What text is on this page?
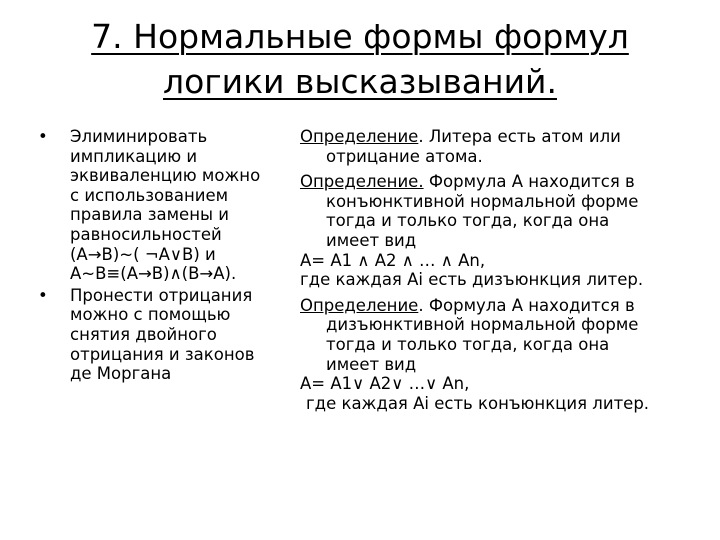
7. Нормальные формы формул
логики высказываний.
• Элиминировать
импликацию и
эквиваленцию можно
с использованием
правила замены и
равносильностей
(A→B)~( ¬A∨B) и
A~B≡(A→B)∧(B→A).
• Пронести отрицания
можно с помощью
снятия двойного
отрицания и законов
де Моргана
Определение. Литера есть атом или
отрицание атома.
Определение. Формула А находится в
конъюнктивной нормальной форме
тогда и только тогда, когда она
имеет вид
A= A1 ∧ A2 ∧ … ∧ An,
где каждая Ai есть дизъюнкция литер.
Определение. Формула А находится в
дизъюнктивной нормальной форме
тогда и только тогда, когда она
имеет вид
A= A1∨ A2∨ …∨ An,
где каждая Ai есть конъюнкция литер.
